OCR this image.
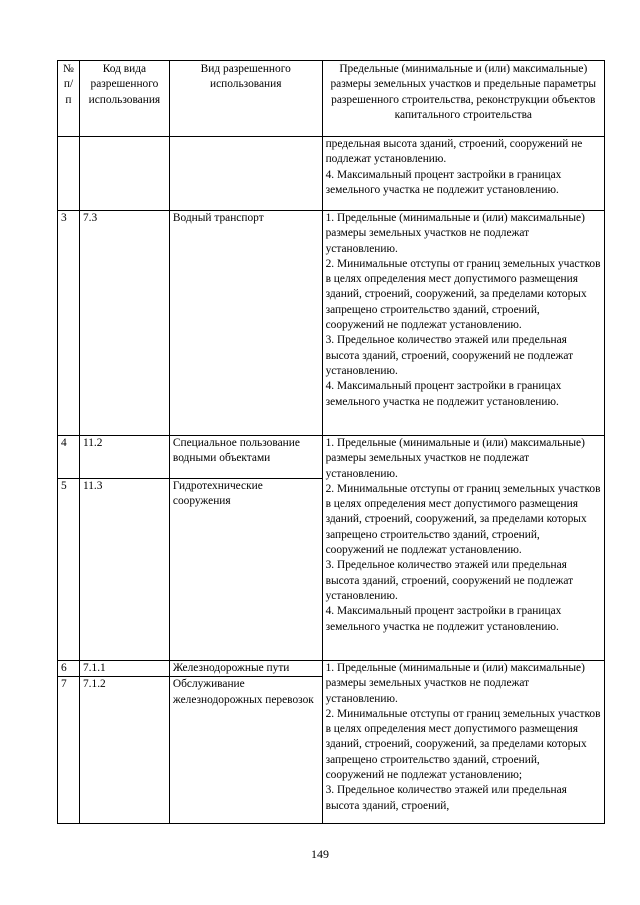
№ п/п	Код вида разрешенного использования	Вид разрешенного использования	Предельные (минимальные и (или) максимальные) размеры земельных участков и предельные параметры разрешенного строительства, реконструкции объектов капитального строительства

			предельная высота зданий, строений, сооружений не подлежат установлению.
4. Максимальный процент застройки в границах земельного участка не подлежит установлению.

3	7.3	Водный транспорт	1. Предельные (минимальные и (или) максимальные) размеры земельных участков не подлежат установлению.
2. Минимальные отступы от границ земельных участков в целях определения мест допустимого размещения зданий, строений, сооружений, за пределами которых запрещено строительство зданий, строений, сооружений не подлежат установлению.
3. Предельное количество этажей или предельная высота зданий, строений, сооружений не подлежат установлению.
4. Максимальный процент застройки в границах земельного участка не подлежит установлению.

4	11.2	Специальное пользование водными объектами	1. Предельные (минимальные и (или) максимальные) размеры земельных участков не подлежат установлению.
2. Минимальные отступы от границ земельных участков в целях определения мест допустимого размещения зданий, строений, сооружений, за пределами которых запрещено строительство зданий, строений, сооружений не подлежат установлению.
3. Предельное количество этажей или предельная высота зданий, строений, сооружений не подлежат установлению.
4. Максимальный процент застройки в границах земельного участка не подлежит установлению.

5	11.3	Гидротехнические сооружения	
6	7.1.1	Железнодорожные пути	1. Предельные (минимальные и (или) максимальные) размеры земельных участков не подлежат установлению.
2. Минимальные отступы от границ земельных участков в целях определения мест допустимого размещения зданий, строений, сооружений, за пределами которых запрещено строительство зданий, строений, сооружений не подлежат установлению;
3. Предельное количество этажей или предельная высота зданий, строений,

7	7.1.2	Обслуживание железнодорожных перевозок	
149
